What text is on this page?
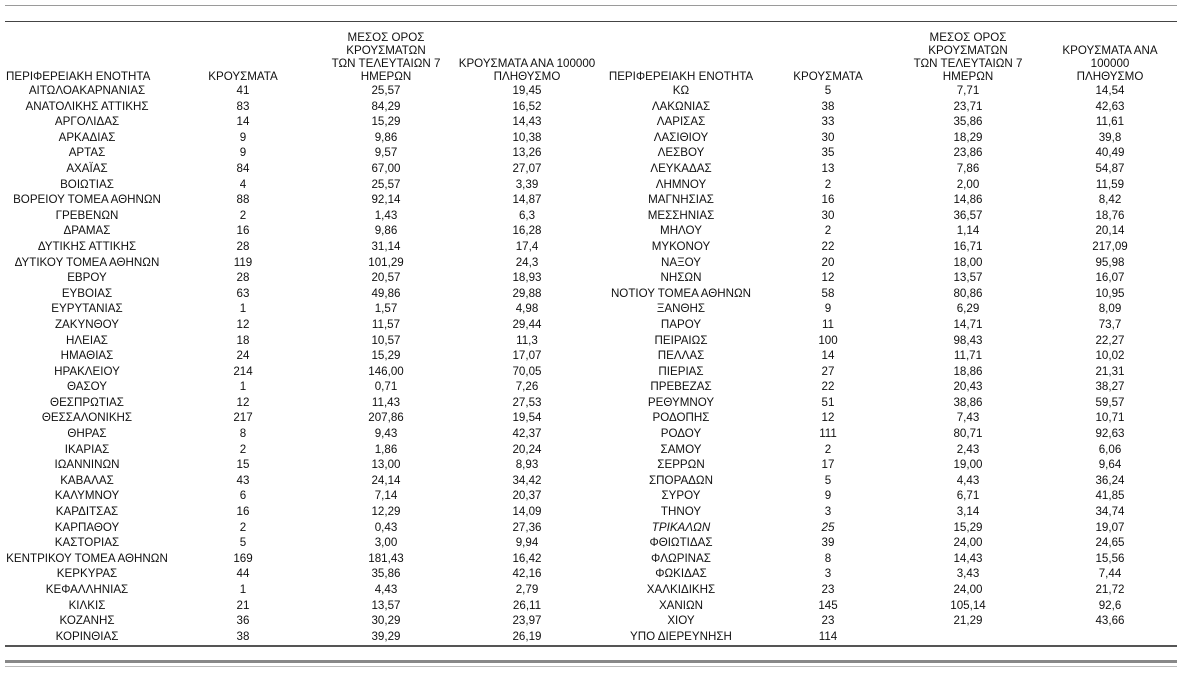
ΠΕΡΙΦΕΡΕΙΑΚΗ ΕΝΟΤΗΤΑ	ΚΡΟΥΣΜΑΤΑ	ΜΕΣΟΣ ΟΡΟΣ ΚΡΟΥΣΜΑΤΩΝ
ΤΩΝ ΤΕΛΕΥΤΑΙΩΝ 7
ΗΜΕΡΩΝ	ΚΡΟΥΣΜΑΤΑ ΑΝΑ 100000
ΠΛΗΘΥΣΜΟ	ΠΕΡΙΦΕΡΕΙΑΚΗ ΕΝΟΤΗΤΑ	ΚΡΟΥΣΜΑΤΑ	ΜΕΣΟΣ ΟΡΟΣ ΚΡΟΥΣΜΑΤΩΝ
ΤΩΝ ΤΕΛΕΥΤΑΙΩΝ 7
ΗΜΕΡΩΝ	ΚΡΟΥΣΜΑΤΑ ΑΝΑ 100000
ΠΛΗΘΥΣΜΟ
ΑΙΤΩΛΟΑΚΑΡΝΑΝΙΑΣ	41	25,57	19,45	ΚΩ	5	7,71	14,54
ΑΝΑΤΟΛΙΚΗΣ ΑΤΤΙΚΗΣ	83	84,29	16,52	ΛΑΚΩΝΙΑΣ	38	23,71	42,63
ΑΡΓΟΛΙΔΑΣ	14	15,29	14,43	ΛΑΡΙΣΑΣ	33	35,86	11,61
ΑΡΚΑΔΙΑΣ	9	9,86	10,38	ΛΑΣΙΘΙΟΥ	30	18,29	39,8
ΑΡΤΑΣ	9	9,57	13,26	ΛΕΣΒΟΥ	35	23,86	40,49
ΑΧΑΪΑΣ	84	67,00	27,07	ΛΕΥΚΑΔΑΣ	13	7,86	54,87
ΒΟΙΩΤΙΑΣ	4	25,57	3,39	ΛΗΜΝΟΥ	2	2,00	11,59
ΒΟΡΕΙΟΥ ΤΟΜΕΑ ΑΘΗΝΩΝ	88	92,14	14,87	ΜΑΓΝΗΣΙΑΣ	16	14,86	8,42
ΓΡΕΒΕΝΩΝ	2	1,43	6,3	ΜΕΣΣΗΝΙΑΣ	30	36,57	18,76
ΔΡΑΜΑΣ	16	9,86	16,28	ΜΗΛΟΥ	2	1,14	20,14
ΔΥΤΙΚΗΣ ΑΤΤΙΚΗΣ	28	31,14	17,4	ΜΥΚΟΝΟΥ	22	16,71	217,09
ΔΥΤΙΚΟΥ ΤΟΜΕΑ ΑΘΗΝΩΝ	119	101,29	24,3	ΝΑΞΟΥ	20	18,00	95,98
ΕΒΡΟΥ	28	20,57	18,93	ΝΗΣΩΝ	12	13,57	16,07
ΕΥΒΟΙΑΣ	63	49,86	29,88	ΝΟΤΙΟΥ ΤΟΜΕΑ ΑΘΗΝΩΝ	58	80,86	10,95
ΕΥΡΥΤΑΝΙΑΣ	1	1,57	4,98	ΞΑΝΘΗΣ	9	6,29	8,09
ΖΑΚΥΝΘΟΥ	12	11,57	29,44	ΠΑΡΟΥ	11	14,71	73,7
ΗΛΕΙΑΣ	18	10,57	11,3	ΠΕΙΡΑΙΩΣ	100	98,43	22,27
ΗΜΑΘΙΑΣ	24	15,29	17,07	ΠΕΛΛΑΣ	14	11,71	10,02
ΗΡΑΚΛΕΙΟΥ	214	146,00	70,05	ΠΙΕΡΙΑΣ	27	18,86	21,31
ΘΑΣΟΥ	1	0,71	7,26	ΠΡΕΒΕΖΑΣ	22	20,43	38,27
ΘΕΣΠΡΩΤΙΑΣ	12	11,43	27,53	ΡΕΘΥΜΝΟΥ	51	38,86	59,57
ΘΕΣΣΑΛΟΝΙΚΗΣ	217	207,86	19,54	ΡΟΔΟΠΗΣ	12	7,43	10,71
ΘΗΡΑΣ	8	9,43	42,37	ΡΟΔΟΥ	111	80,71	92,63
ΙΚΑΡΙΑΣ	2	1,86	20,24	ΣΑΜΟΥ	2	2,43	6,06
ΙΩΑΝΝΙΝΩΝ	15	13,00	8,93	ΣΕΡΡΩΝ	17	19,00	9,64
ΚΑΒΑΛΑΣ	43	24,14	34,42	ΣΠΟΡΑΔΩΝ	5	4,43	36,24
ΚΑΛΥΜΝΟΥ	6	7,14	20,37	ΣΥΡΟΥ	9	6,71	41,85
ΚΑΡΔΙΤΣΑΣ	16	12,29	14,09	ΤΗΝΟΥ	3	3,14	34,74
ΚΑΡΠΑΘΟΥ	2	0,43	27,36	ΤΡΙΚΑΛΩΝ	25	15,29	19,07
ΚΑΣΤΟΡΙΑΣ	5	3,00	9,94	ΦΘΙΩΤΙΔΑΣ	39	24,00	24,65
ΚΕΝΤΡΙΚΟΥ ΤΟΜΕΑ ΑΘΗΝΩΝ	169	181,43	16,42	ΦΛΩΡΙΝΑΣ	8	14,43	15,56
ΚΕΡΚΥΡΑΣ	44	35,86	42,16	ΦΩΚΙΔΑΣ	3	3,43	7,44
ΚΕΦΑΛΛΗΝΙΑΣ	1	4,43	2,79	ΧΑΛΚΙΔΙΚΗΣ	23	24,00	21,72
ΚΙΛΚΙΣ	21	13,57	26,11	ΧΑΝΙΩΝ	145	105,14	92,6
ΚΟΖΑΝΗΣ	36	30,29	23,97	ΧΙΟΥ	23	21,29	43,66
ΚΟΡΙΝΘΙΑΣ	38	39,29	26,19	ΥΠΟ ΔΙΕΡΕΥΝΗΣΗ	114		
